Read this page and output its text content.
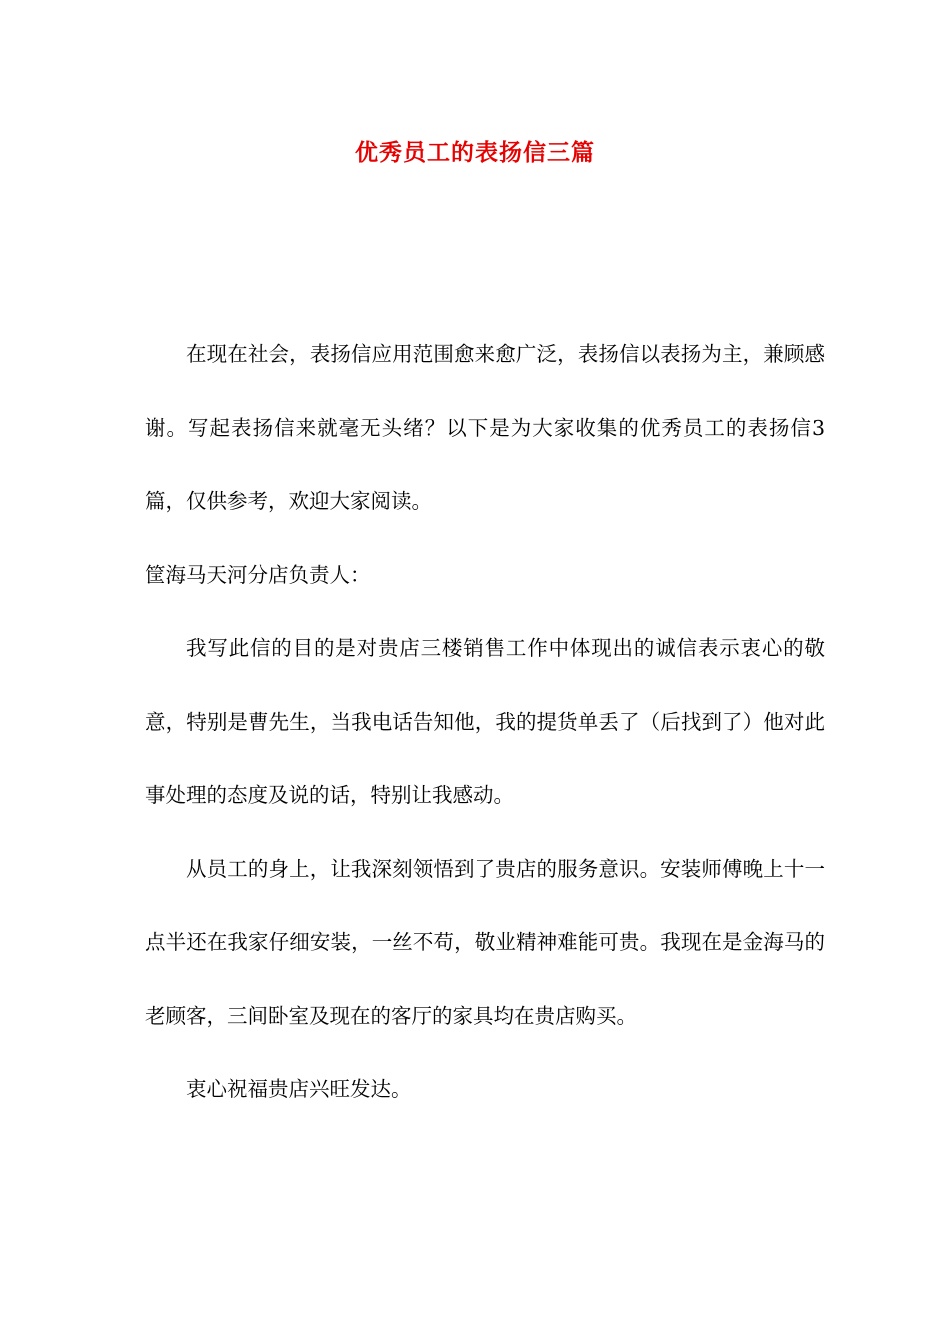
优秀员工的表扬信三篇

在现在社会，表扬信应用范围愈来愈广泛，表扬信以表扬为主，兼顾感谢。写起表扬信来就毫无头绪？以下是为大家收集的优秀员工的表扬信3篇，仅供参考，欢迎大家阅读。

筐海马天河分店负责人：

我写此信的目的是对贵店三楼销售工作中体现出的诚信表示衷心的敬意，特别是曹先生，当我电话告知他，我的提货单丢了（后找到了）他对此事处理的态度及说的话，特别让我感动。

从员工的身上，让我深刻领悟到了贵店的服务意识。安装师傅晚上十一点半还在我家仔细安装，一丝不苟，敬业精神难能可贵。我现在是金海马的老顾客，三间卧室及现在的客厅的家具均在贵店购买。

衷心祝福贵店兴旺发达。
